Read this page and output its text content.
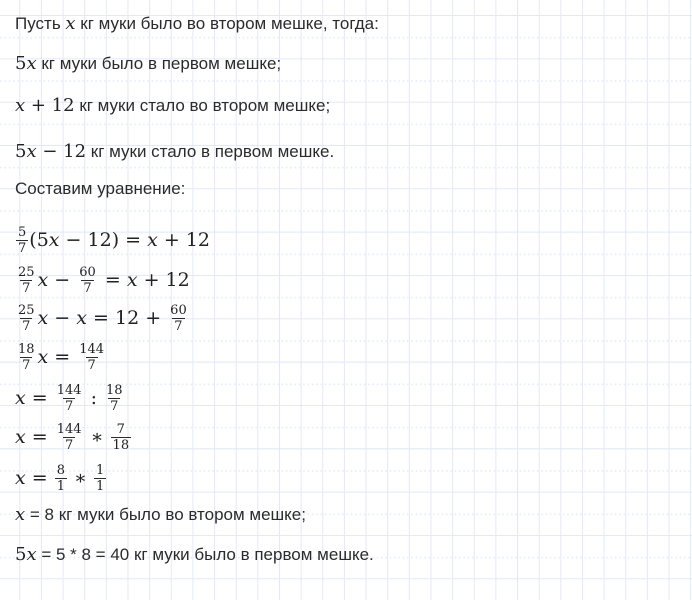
Пусть x кг муки было во втором мешке, тогда:
5x кг муки было в первом мешке;
x + 12 кг муки стало во втором мешке;
5x − 12 кг муки стало в первом мешке.
Составим уравнение:
$\frac{5}{7} (5x - 12) = x + 12$
$\frac{25}{7}$ $x - \frac{60}{7} = x + 12$
$\frac{25}{7}$ $x - x = 12 + \frac{60}{7}$
$\frac{18}{7}$ $x = \frac{144}{7}$
$x = \frac{144}{7}$ : $\frac{18}{7}$
$x = \frac{144}{7}$ ∗ $\frac{7}{18}$
$x = \frac{8}{1}$ ∗ $\frac{1}{1}$
x = 8 кг муки было во втором мешке;
5x = 5 * 8 = 40 кг муки было в первом мешке.
